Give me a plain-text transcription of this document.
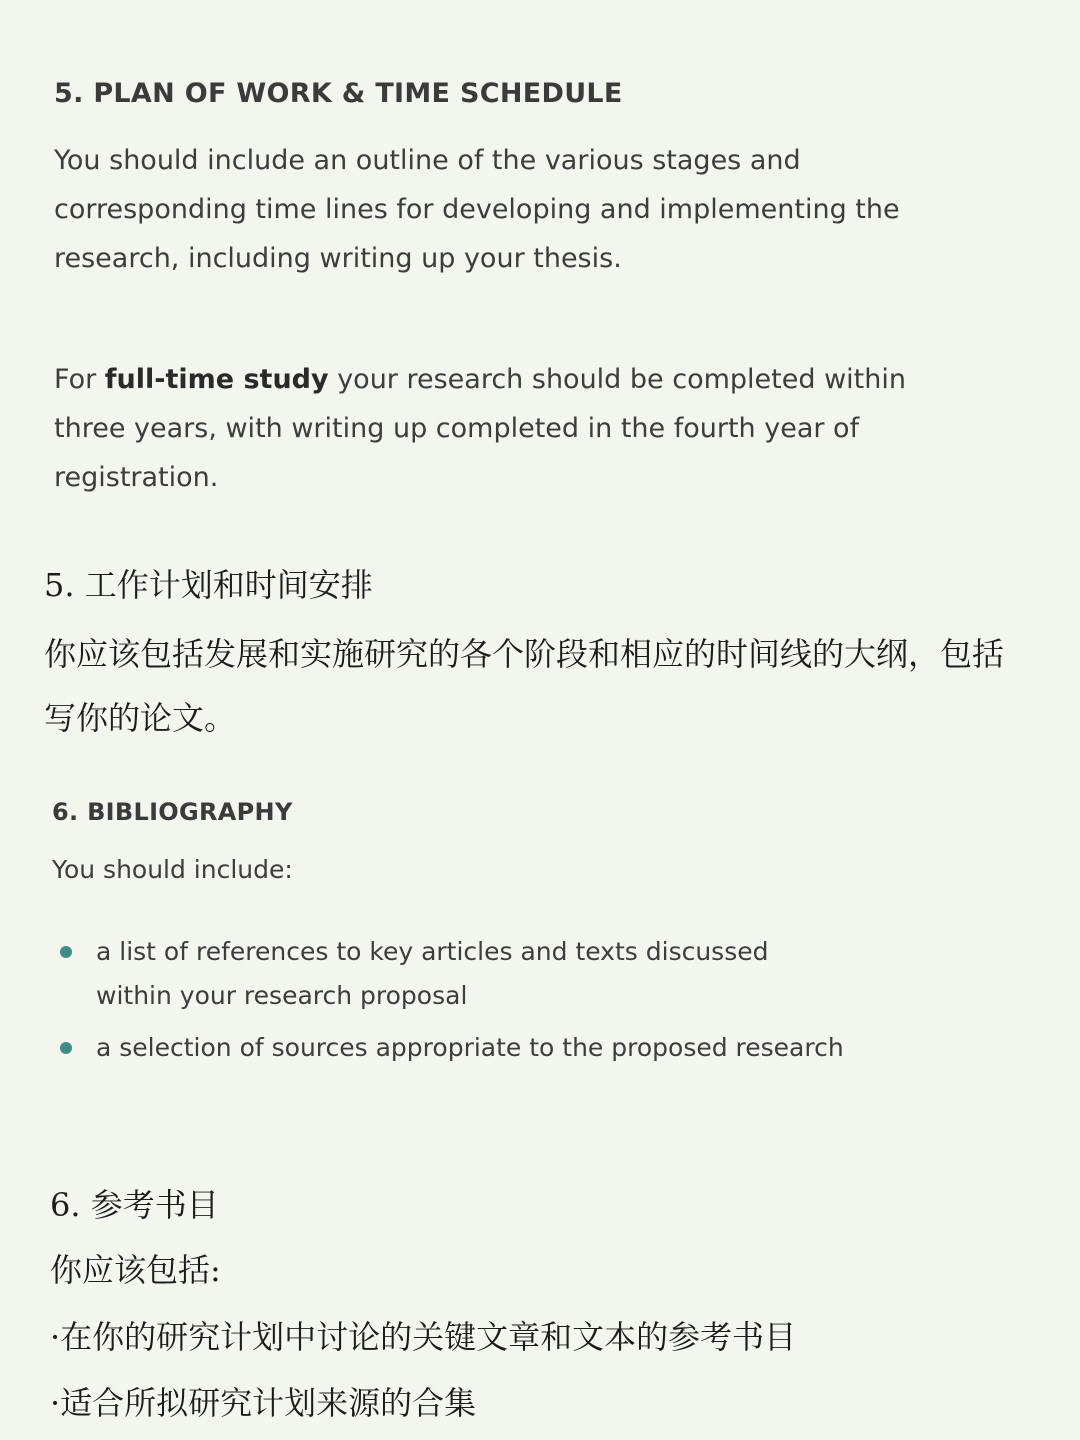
5. PLAN OF WORK & TIME SCHEDULE

You should include an outline of the various stages and corresponding time lines for developing and implementing the research, including writing up your thesis.

For full-time study your research should be completed within three years, with writing up completed in the fourth year of registration.

5. 工作计划和时间安排

你应该包括发展和实施研究的各个阶段和相应的时间线的大纲，包括写你的论文。

6. BIBLIOGRAPHY

You should include:

a list of references to key articles and texts discussed within your research proposal
a selection of sources appropriate to the proposed research
6. 参考书目
你应该包括:
·在你的研究计划中讨论的关键文章和文本的参考书目
·适合所拟研究计划来源的合集
